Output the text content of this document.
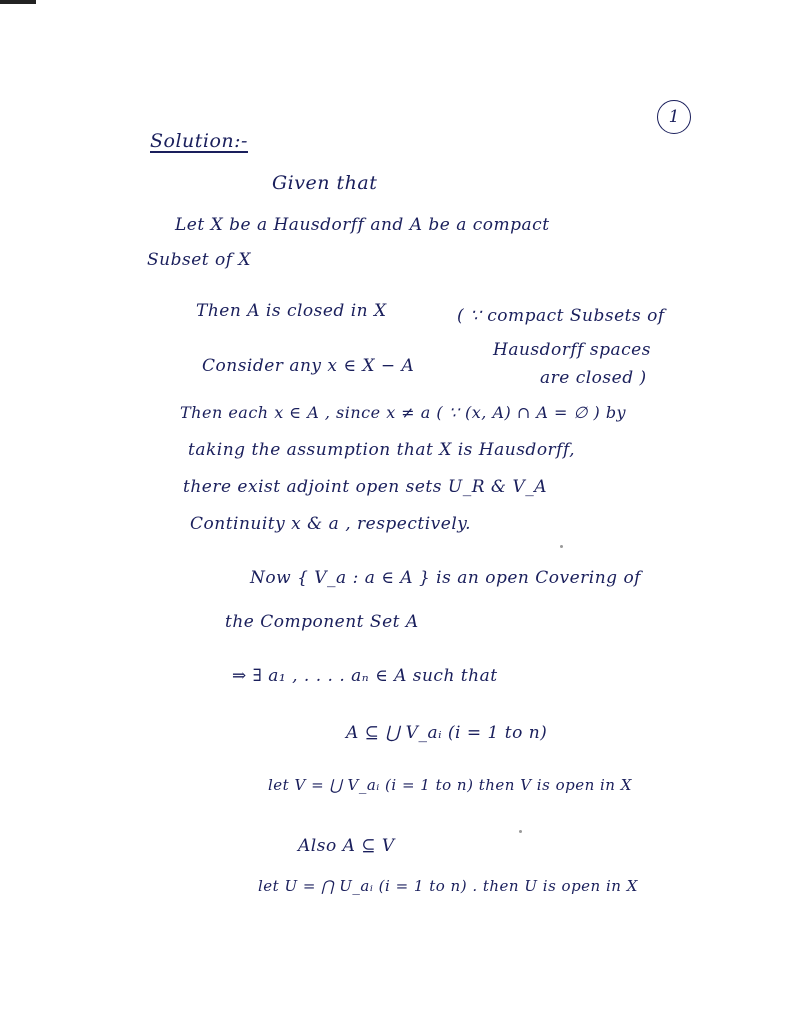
1
Solution:-
Given that
Let X be a Hausdorff and A be a compact
Subset of X
Then A is closed in X	( ∵ compact Subsets of
Hausdorff spaces
Consider any x ∈ X − A
are closed )
Then each x ∈ A , since x ≠ a ( ∵ (x, A) ∩ A = ∅ ) by
taking the assumption that X is Hausdorff,
there exist adjoint open sets U_R & V_A
Continuity x & a , respectively.
Now { V_a : a ∈ A } is an open Covering of
the Component Set A
⇒ ∃ a₁ , . . . . aₙ ∈ A such that
A ⊆ ⋃ V_aᵢ (i = 1 to n)
let V = ⋃ V_aᵢ (i = 1 to n) then V is open in X
Also A ⊆ V
let U = ⋂ U_aᵢ (i = 1 to n) . then U is open in X
